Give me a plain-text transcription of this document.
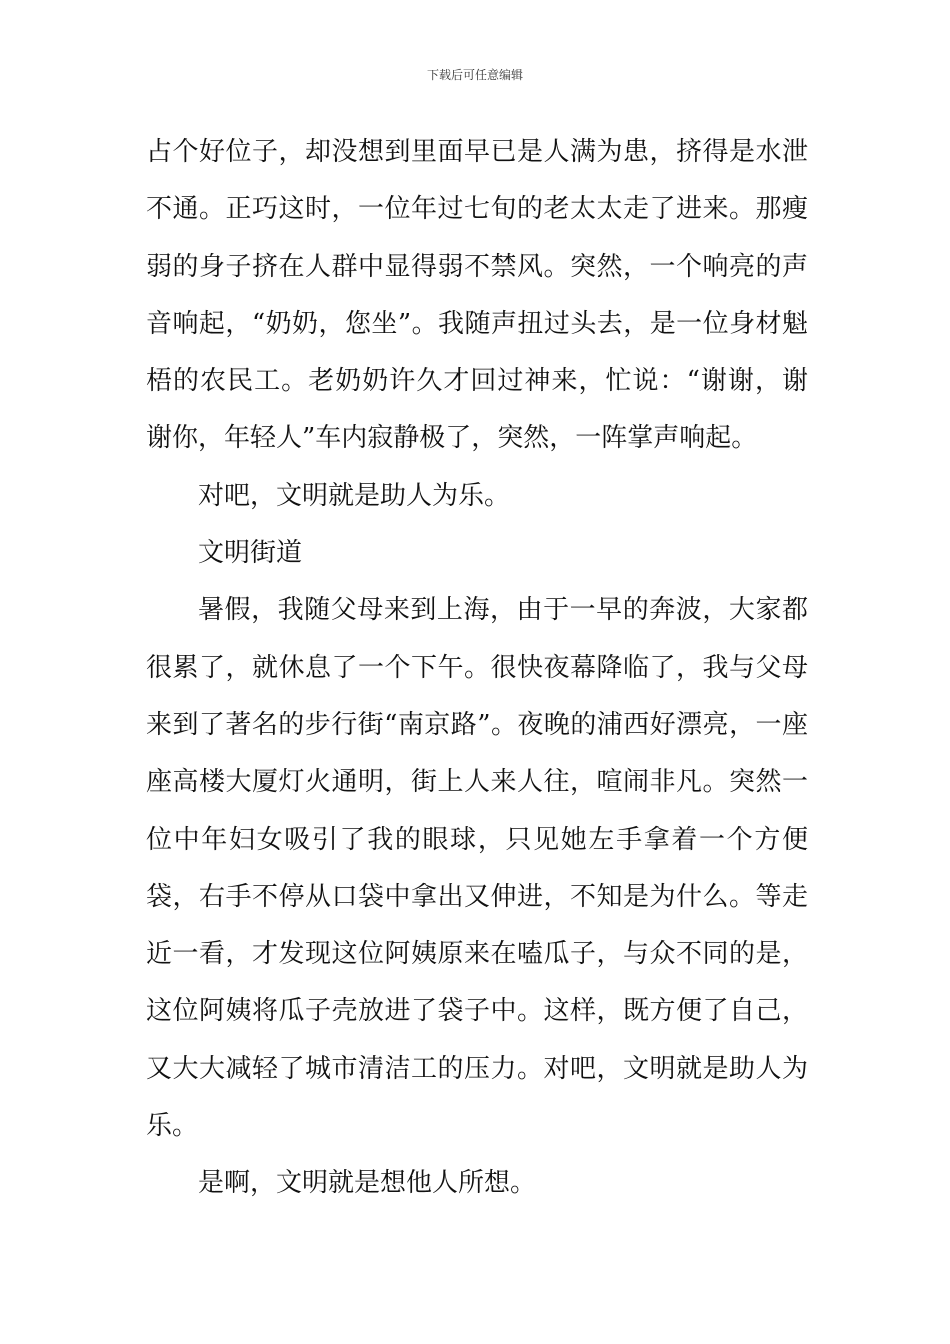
下载后可任意编辑

占个好位子，却没想到里面早已是人满为患，挤得是水泄不通。正巧这时，一位年过七旬的老太太走了进来。那瘦弱的身子挤在人群中显得弱不禁风。突然，一个响亮的声音响起，“奶奶，您坐”。我随声扭过头去，是一位身材魁梧的农民工。老奶奶许久才回过神来，忙说：“谢谢，谢谢你，年轻人”车内寂静极了，突然，一阵掌声响起。

对吧，文明就是助人为乐。

文明街道

暑假，我随父母来到上海，由于一早的奔波，大家都很累了，就休息了一个下午。很快夜幕降临了，我与父母来到了著名的步行街“南京路”。夜晚的浦西好漂亮，一座座高楼大厦灯火通明，街上人来人往，喧闹非凡。突然一位中年妇女吸引了我的眼球，只见她左手拿着一个方便袋，右手不停从口袋中拿出又伸进，不知是为什么。等走近一看，才发现这位阿姨原来在嗑瓜子，与众不同的是，这位阿姨将瓜子壳放进了袋子中。这样，既方便了自己，又大大减轻了城市清洁工的压力。对吧，文明就是助人为乐。

是啊，文明就是想他人所想。
